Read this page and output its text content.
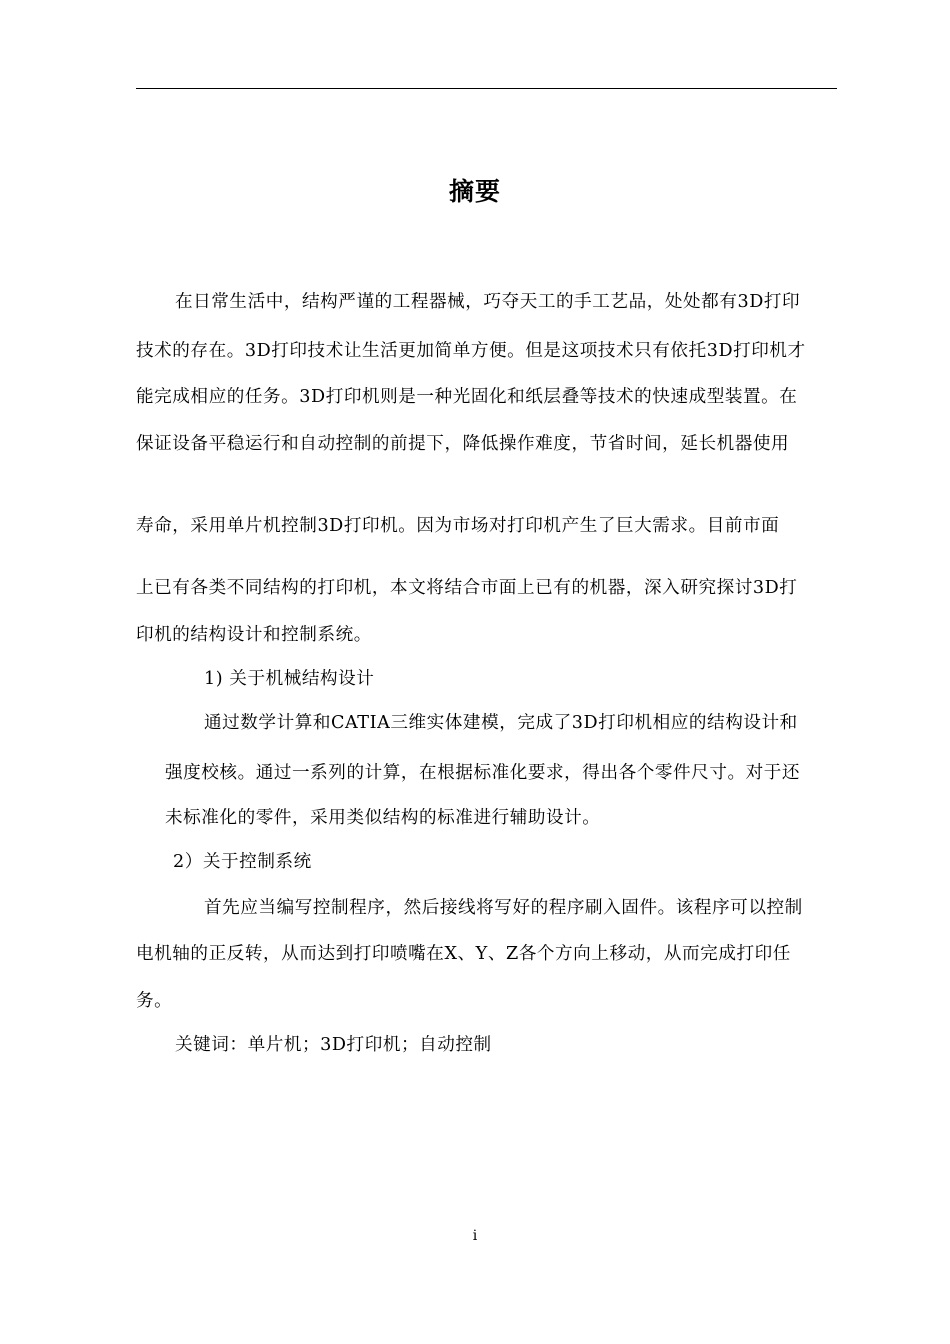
摘要
在日常生活中，结构严谨的工程器械，巧夺天工的手工艺品，处处都有3D打印
技术的存在。3D打印技术让生活更加简单方便。但是这项技术只有依托3D打印机才
能完成相应的任务。3D打印机则是一种光固化和纸层叠等技术的快速成型装置。在
保证设备平稳运行和自动控制的前提下，降低操作难度，节省时间，延长机器使用
寿命，采用单片机控制3D打印机。因为市场对打印机产生了巨大需求。目前市面
上已有各类不同结构的打印机，本文将结合市面上已有的机器，深入研究探讨3D打
印机的结构设计和控制系统。
1) 关于机械结构设计
通过数学计算和CATIA三维实体建模，完成了3D打印机相应的结构设计和
强度校核。通过一系列的计算，在根据标准化要求，得出各个零件尺寸。对于还
未标准化的零件，采用类似结构的标准进行辅助设计。
2）关于控制系统
首先应当编写控制程序，然后接线将写好的程序刷入固件。该程序可以控制
电机轴的正反转，从而达到打印喷嘴在X、Y、Z各个方向上移动，从而完成打印任
务。
关键词：单片机；3D打印机；自动控制
i
